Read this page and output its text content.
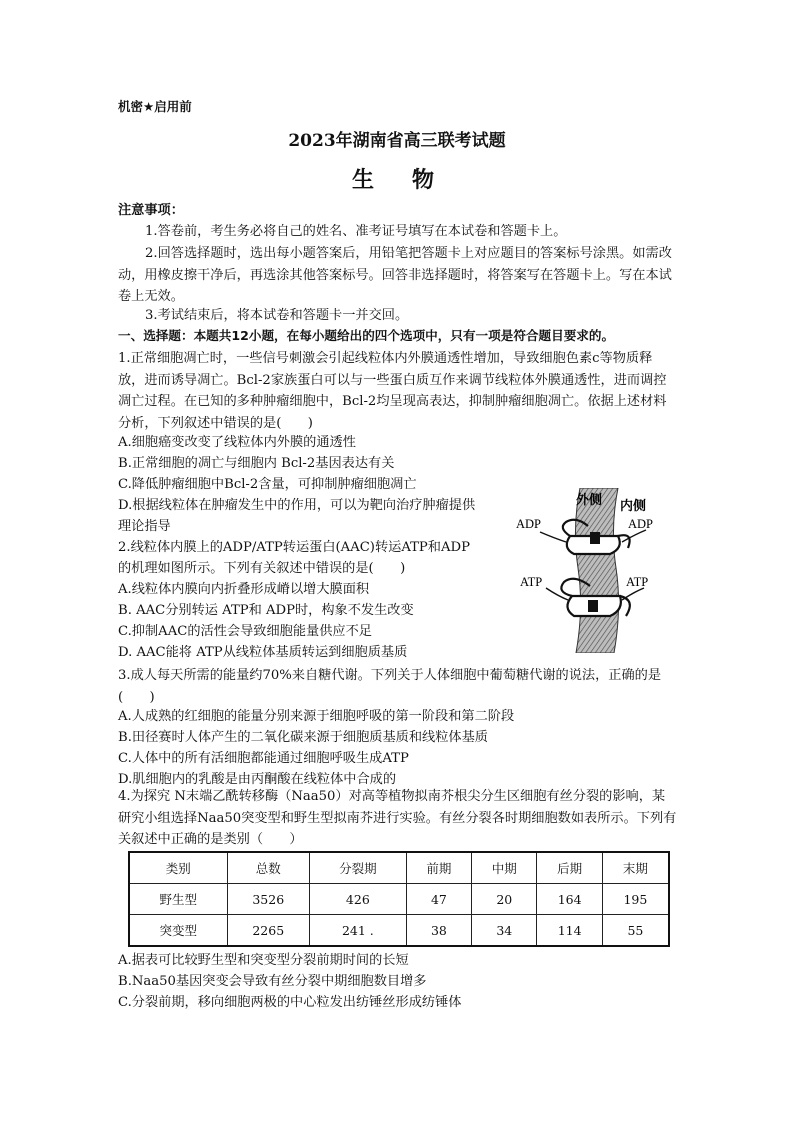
机密★启用前
2023年湖南省高三联考试题
生　物
注意事项：
1.答卷前，考生务必将自己的姓名、准考证号填写在本试卷和答题卡上。
2.回答选择题时，选出每小题答案后，用铅笔把答题卡上对应题目的答案标号涂黑。如需改动，用橡皮擦干净后，再选涂其他答案标号。回答非选择题时，将答案写在答题卡上。写在本试卷上无效。
3.考试结束后，将本试卷和答题卡一并交回。
一、选择题：本题共12小题，在每小题给出的四个选项中，只有一项是符合题目要求的。
1.正常细胞凋亡时，一些信号刺激会引起线粒体内外膜通透性增加，导致细胞色素c等物质释放，进而诱导凋亡。Bcl-2家族蛋白可以与一些蛋白质互作来调节线粒体外膜通透性，进而调控凋亡过程。在已知的多种肿瘤细胞中，Bcl-2均呈现高表达，抑制肿瘤细胞凋亡。依据上述材料分析，下列叙述中错误的是(　　)
A.细胞癌变改变了线粒体内外膜的通透性
B.正常细胞的凋亡与细胞内 Bcl-2基因表达有关
C.降低肿瘤细胞中Bcl-2含量，可抑制肿瘤细胞凋亡
D.根据线粒体在肿瘤发生中的作用，可以为靶向治疗肿瘤提供
理论指导
2.线粒体内膜上的ADP/ATP转运蛋白(AAC)转运ATP和ADP
的机理如图所示。下列有关叙述中错误的是(　　)
A.线粒体内膜向内折叠形成嵴以增大膜面积
B. AAC分别转运 ATP和 ADP时，构象不发生改变
C.抑制AAC的活性会导致细胞能量供应不足
D. AAC能将 ATP从线粒体基质转运到细胞质基质
外侧 内侧
ADP	ADP
ATP	ATP
3.成人每天所需的能量约70%来自糖代谢。下列关于人体细胞中葡萄糖代谢的说法，正确的是(　　)
A.人成熟的红细胞的能量分别来源于细胞呼吸的第一阶段和第二阶段
B.田径赛时人体产生的二氧化碳来源于细胞质基质和线粒体基质
C.人体中的所有活细胞都能通过细胞呼吸生成ATP
D.肌细胞内的乳酸是由丙酮酸在线粒体中合成的
4.为探究 N末端乙酰转移酶（Naa50）对高等植物拟南芥根尖分生区细胞有丝分裂的影响，某研究小组选择Naa50突变型和野生型拟南芥进行实验。有丝分裂各时期细胞数如表所示。下列有关叙述中正确的是类别（　　）
类别	总数	分裂期	前期	中期	后期	末期
野生型	3526	426	47	20	164	195
突变型	2265	241 .	38	34	114	55
A.据表可比较野生型和突变型分裂前期时间的长短
B.Naa50基因突变会导致有丝分裂中期细胞数目增多
C.分裂前期，移向细胞两极的中心粒发出纺锤丝形成纺锤体
